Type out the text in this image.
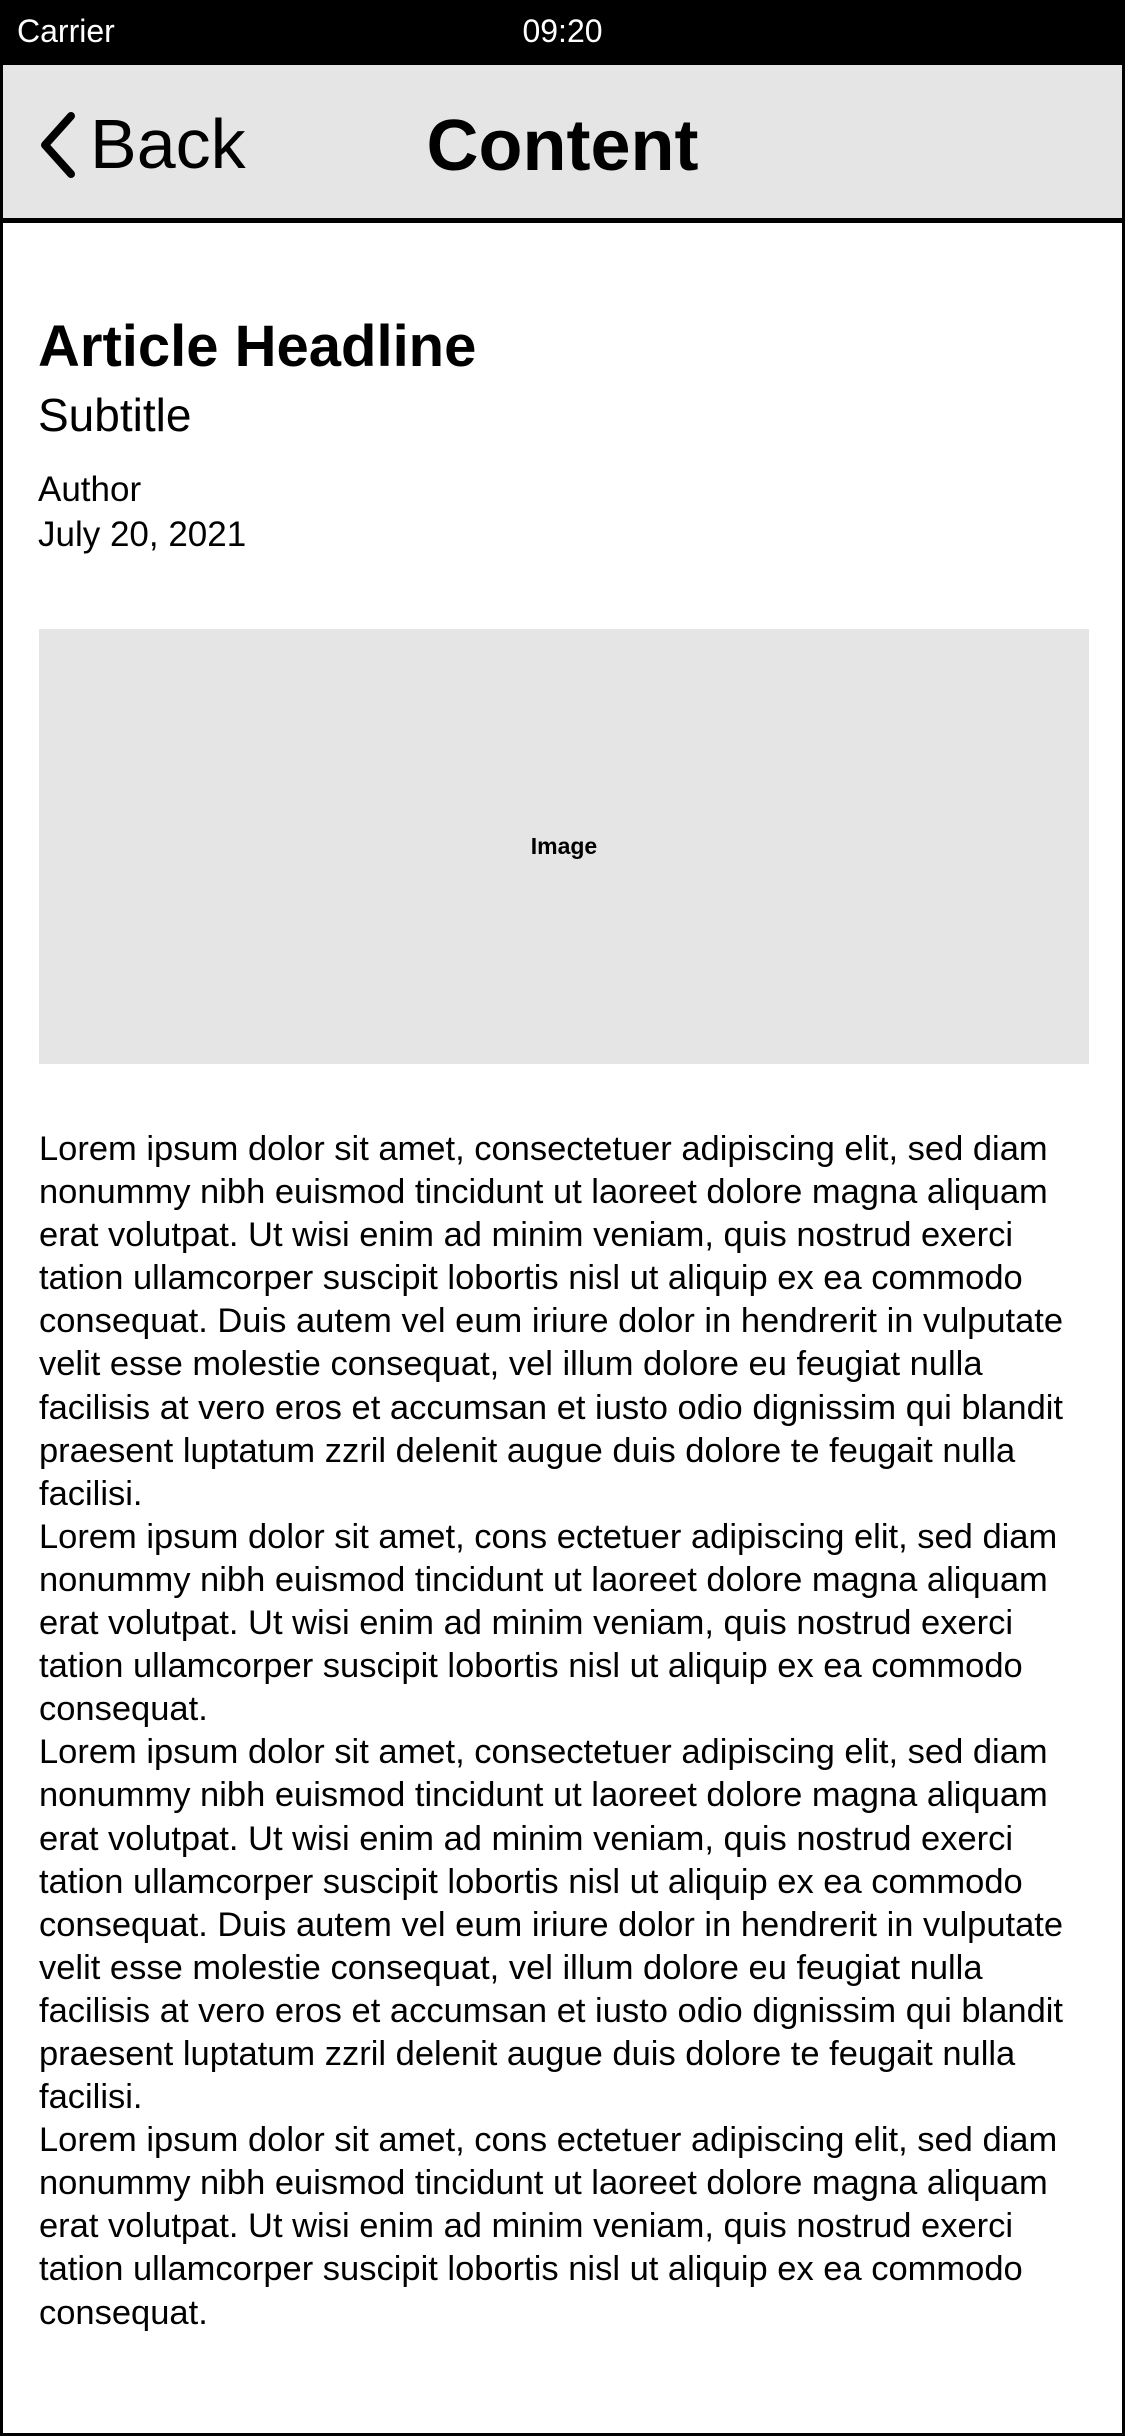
Carrier	09:20
Back	Content
Article Headline
Subtitle
Author
July 20, 2021
Image

Lorem ipsum dolor sit amet, consectetuer adipiscing elit, sed diam nonummy nibh euismod tincidunt ut laoreet dolore magna aliquam erat volutpat. Ut wisi enim ad minim veniam, quis nostrud exerci tation ullamcorper suscipit lobortis nisl ut aliquip ex ea commodo consequat. Duis autem vel eum iriure dolor in hendrerit in vulputate velit esse molestie consequat, vel illum dolore eu feugiat nulla facilisis at vero eros et accumsan et iusto odio dignissim qui blandit praesent luptatum zzril delenit augue duis dolore te feugait nulla facilisi.

Lorem ipsum dolor sit amet, cons ectetuer adipiscing elit, sed diam nonummy nibh euismod tincidunt ut laoreet dolore magna aliquam erat volutpat. Ut wisi enim ad minim veniam, quis nostrud exerci tation ullamcorper suscipit lobortis nisl ut aliquip ex ea commodo consequat.

Lorem ipsum dolor sit amet, consectetuer adipiscing elit, sed diam nonummy nibh euismod tincidunt ut laoreet dolore magna aliquam erat volutpat. Ut wisi enim ad minim veniam, quis nostrud exerci tation ullamcorper suscipit lobortis nisl ut aliquip ex ea commodo consequat. Duis autem vel eum iriure dolor in hendrerit in vulputate velit esse molestie consequat, vel illum dolore eu feugiat nulla facilisis at vero eros et accumsan et iusto odio dignissim qui blandit praesent luptatum zzril delenit augue duis dolore te feugait nulla facilisi.

Lorem ipsum dolor sit amet, cons ectetuer adipiscing elit, sed diam nonummy nibh euismod tincidunt ut laoreet dolore magna aliquam erat volutpat. Ut wisi enim ad minim veniam, quis nostrud exerci tation ullamcorper suscipit lobortis nisl ut aliquip ex ea commodo consequat.
